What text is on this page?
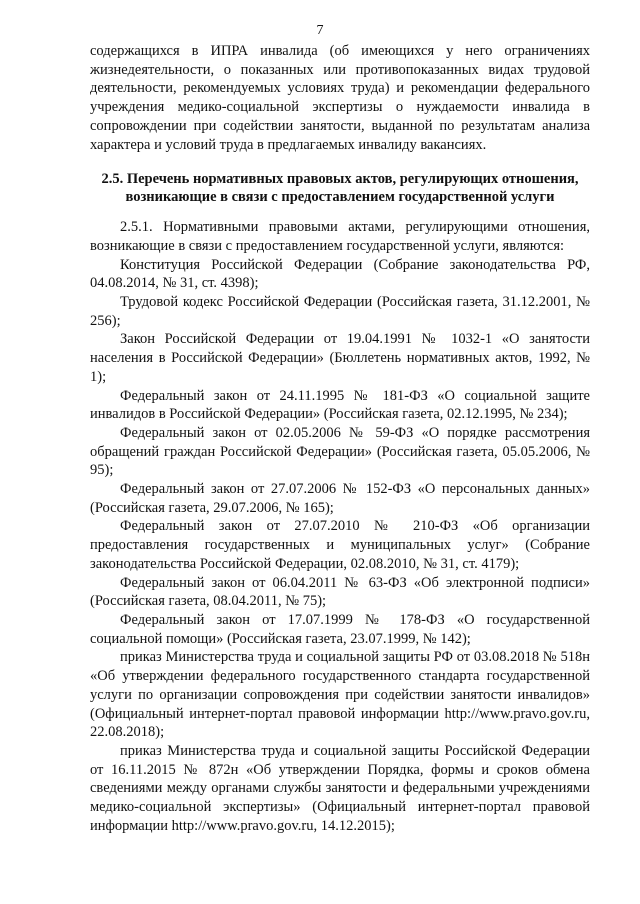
7

содержащихся в ИПРА инвалида (об имеющихся у него ограничениях жизнедеятельности, о показанных или противопоказанных видах трудовой деятельности, рекомендуемых условиях труда) и рекомендации федерального учреждения медико-социальной экспертизы о нуждаемости инвалида в сопровождении при содействии занятости, выданной по результатам анализа характера и условий труда в предлагаемых инвалиду вакансиях.

2.5. Перечень нормативных правовых актов, регулирующих отношения, возникающие в связи с предоставлением государственной услуги

2.5.1. Нормативными правовыми актами, регулирующими отношения, возникающие в связи с предоставлением государственной услуги, являются:

Конституция Российской Федерации (Собрание законодательства РФ, 04.08.2014, № 31, ст. 4398);

Трудовой кодекс Российской Федерации (Российская газета, 31.12.2001, № 256);

Закон Российской Федерации от 19.04.1991 № 1032-1 «О занятости населения в Российской Федерации» (Бюллетень нормативных актов, 1992, № 1);

Федеральный закон от 24.11.1995 № 181-ФЗ «О социальной защите инвалидов в Российской Федерации» (Российская газета, 02.12.1995, № 234);

Федеральный закон от 02.05.2006 № 59-ФЗ «О порядке рассмотрения обращений граждан Российской Федерации» (Российская газета, 05.05.2006, № 95);

Федеральный закон от 27.07.2006 № 152-ФЗ «О персональных данных» (Российская газета, 29.07.2006, № 165);

Федеральный закон от 27.07.2010 № 210-ФЗ «Об организации предоставления государственных и муниципальных услуг» (Собрание законодательства Российской Федерации, 02.08.2010, № 31, ст. 4179);

Федеральный закон от 06.04.2011 № 63-ФЗ «Об электронной подписи» (Российская газета, 08.04.2011, № 75);

Федеральный закон от 17.07.1999 № 178-ФЗ «О государственной социальной помощи» (Российская газета, 23.07.1999, № 142);

приказ Министерства труда и социальной защиты РФ от 03.08.2018 № 518н «Об утверждении федерального государственного стандарта государственной услуги по организации сопровождения при содействии занятости инвалидов» (Официальный интернет-портал правовой информации http://www.pravo.gov.ru, 22.08.2018);

приказ Министерства труда и социальной защиты Российской Федерации от 16.11.2015 № 872н «Об утверждении Порядка, формы и сроков обмена сведениями между органами службы занятости и федеральными учреждениями медико-социальной экспертизы» (Официальный интернет-портал правовой информации http://www.pravo.gov.ru, 14.12.2015);
